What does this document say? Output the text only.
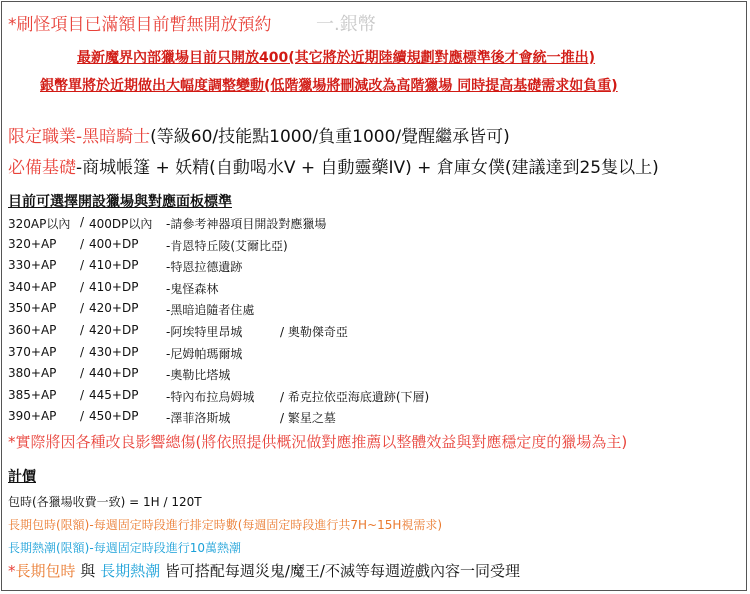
*刷怪項目已滿額目前暫無開放預約 一.銀幣
最新魔界內部獵場目前只開放400(其它將於近期陸續規劃對應標準後才會統一推出)
銀幣單將於近期做出大幅度調整變動(低階獵場將刪減改為高階獵場 同時提高基礎需求如負重)
限定職業-黑暗騎士(等級60/技能點1000/負重1000/覺醒繼承皆可)
必備基礎-商城帳篷 + 妖精(自動喝水V + 自動靈藥IV) + 倉庫女僕(建議達到25隻以上)
目前可選擇開設獵場與對應面板標準
320AP以內 / 400DP以內 -請參考神器項目開設對應獵場
320+AP / 400+DP -肯恩特丘陵(艾爾比亞)
330+AP / 410+DP -特恩拉德遺跡
340+AP / 410+DP -鬼怪森林
350+AP / 420+DP -黑暗追隨者住處
360+AP / 420+DP -阿埃特里昂城	/ 奧勒傑奇亞
370+AP / 430+DP -尼姆帕瑪爾城
380+AP / 440+DP -奧勒比塔城
385+AP / 445+DP -特內布拉烏姆城 / 希克拉依亞海底遺跡(下層)
390+AP / 450+DP -澤菲洛斯城	/ 繁星之墓
*實際將因各種改良影響總傷(將依照提供概況做對應推薦以整體效益與對應穩定度的獵場為主)
計價
包時(各獵場收費一致) = 1H / 120T
長期包時(限額)-每週固定時段進行排定時數(每週固定時段進行共7H~15H視需求)
長期熱潮(限額)-每週固定時段進行10萬熱潮
*長期包時 與 長期熱潮 皆可搭配每週災鬼/魔王/不滅等每週遊戲內容一同受理
